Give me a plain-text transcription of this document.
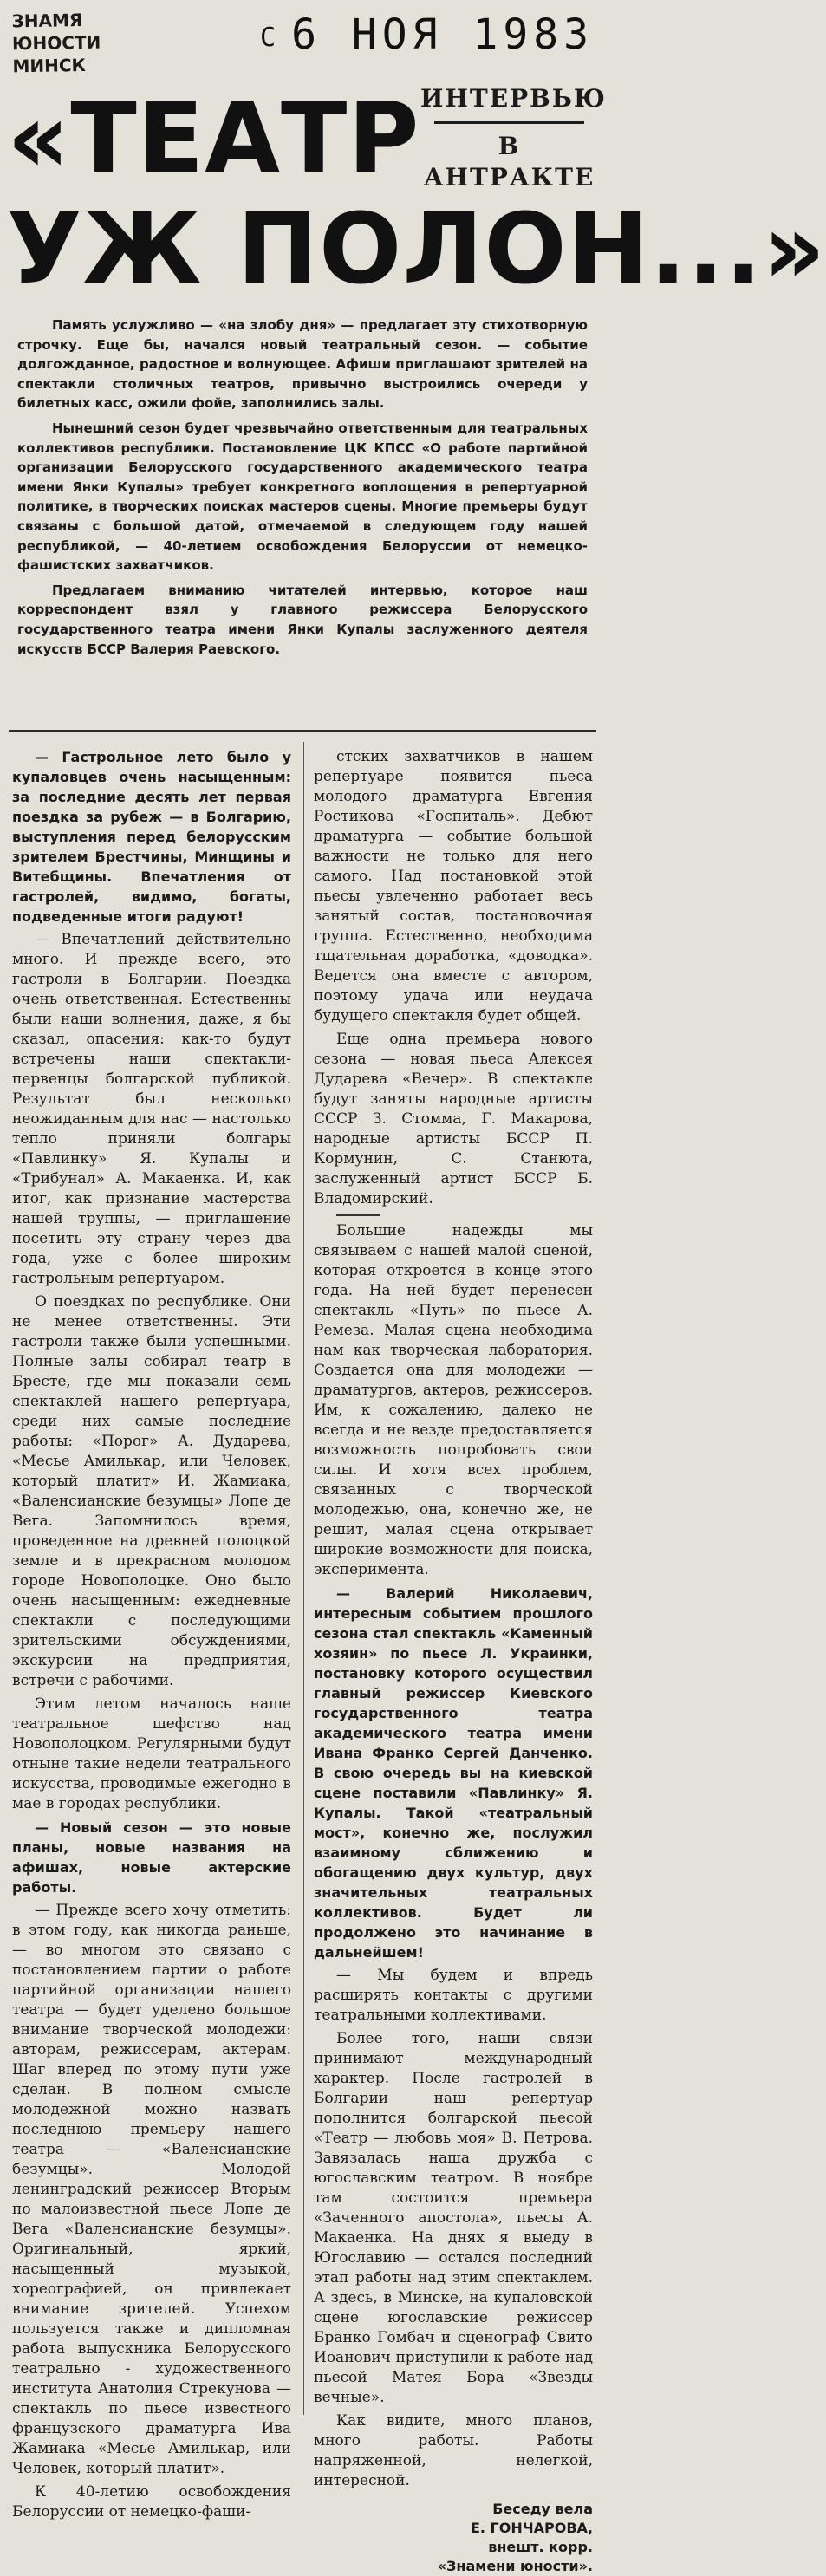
ЗНАМЯ ЮНОСТИ МИНСК
С 6 НОЯ 1983
«ТЕАТР
УЖ ПОЛОН...»
ИНТЕРВЬЮ
В АНТРАКТЕ

Память услужливо — «на злобу дня» — предлагает эту стихотворную строчку. Еще бы, начался новый театральный сезон. — событие долгожданное, радостное и волнующее. Афиши приглашают зрителей на спектакли столичных театров, привычно выстроились очереди у билетных касс, ожили фойе, заполнились залы.

Нынешний сезон будет чрезвычайно ответственным для театральных коллективов республики. Постановление ЦК КПСС «О работе партийной организации Белорусского государственного академического театра имени Янки Купалы» требует конкретного воплощения в репертуарной политике, в творческих поисках мастеров сцены. Многие премьеры будут связаны с большой датой, отмечаемой в следующем году нашей республикой, — 40-летием освобождения Белоруссии от немецко-фашистских захватчиков.

Предлагаем вниманию читателей интервью, которое наш корреспондент взял у главного режиссера Белорусского государственного театра имени Янки Купалы заслуженного деятеля искусств БССР Валерия Раевского.

— Гастрольное лето было у купаловцев очень насыщенным: за последние десять лет первая поездка за рубеж — в Болгарию, выступления перед белорусским зрителем Брестчины, Минщины и Витебщины. Впечатления от гастролей, видимо, богаты, подведенные итоги радуют!

— Впечатлений действительно много. И прежде всего, это гастроли в Болгарии. Поездка очень ответственная. Естественны были наши волнения, даже, я бы сказал, опасения: как-то будут встречены наши спектакли-первенцы болгарской публикой. Результат был несколько неожиданным для нас — настолько тепло приняли болгары «Павлинку» Я. Купалы и «Трибунал» А. Макаенка. И, как итог, как признание мастерства нашей труппы, — приглашение посетить эту страну через два года, уже с более широким гастрольным репертуаром.

О поездках по республике. Они не менее ответственны. Эти гастроли также были успешными. Полные залы собирал театр в Бресте, где мы показали семь спектаклей нашего репертуара, среди них самые последние работы: «Порог» А. Дударева, «Месье Амилькар, или Человек, который платит» И. Жамиака, «Валенсианские безумцы» Лопе де Вега. Запомнилось время, проведенное на древней полоцкой земле и в прекрасном молодом городе Новополоцке. Оно было очень насыщенным: ежедневные спектакли с последующими зрительскими обсуждениями, экскурсии на предприятия, встречи с рабочими.

Этим летом началось наше театральное шефство над Новополоцком. Регулярными будут отныне такие недели театрального искусства, проводимые ежегодно в мае в городах республики.

— Новый сезон — это новые планы, новые названия на афишах, новые актерские работы.

— Прежде всего хочу отметить: в этом году, как никогда раньше, — во многом это связано с постановлением партии о работе партийной организации нашего театра — будет уделено большое внимание творческой молодежи: авторам, режиссерам, актерам. Шаг вперед по этому пути уже сделан. В полном смысле молодежной можно назвать последнюю премьеру нашего театра — «Валенсианские безумцы». Молодой ленинградский режиссер Вторым по малоизвестной пьесе Лопе де Вега «Валенсианские безумцы». Оригинальный, яркий, насыщенный музыкой, хореографией, он привлекает внимание зрителей. Успехом пользуется также и дипломная работа выпускника Белорусского театрально - художественного института Анатолия Стрекунова — спектакль по пьесе известного французского драматурга Ива Жамиака «Месье Амилькар, или Человек, который платит».

К 40-летию освобождения Белоруссии от немецко-фаши-

стских захватчиков в нашем репертуаре появится пьеса молодого драматурга Евгения Ростикова «Госпиталь». Дебют драматурга — событие большой важности не только для него самого. Над постановкой этой пьесы увлеченно работает весь занятый состав, постановочная группа. Естественно, необходима тщательная доработка, «доводка». Ведется она вместе с автором, поэтому удача или неудача будущего спектакля будет общей.

Еще одна премьера нового сезона — новая пьеса Алексея Дударева «Вечер». В спектакле будут заняты народные артисты СССР З. Стомма, Г. Макарова, народные артисты БССР П. Кормунин, С. Станюта, заслуженный артист БССР Б. Владомирский.

Большие надежды мы связываем с нашей малой сценой, которая откроется в конце этого года. На ней будет перенесен спектакль «Путь» по пьесе А. Ремеза. Малая сцена необходима нам как творческая лаборатория. Создается она для молодежи — драматургов, актеров, режиссеров. Им, к сожалению, далеко не всегда и не везде предоставляется возможность попробовать свои силы. И хотя всех проблем, связанных с творческой молодежью, она, конечно же, не решит, малая сцена открывает широкие возможности для поиска, эксперимента.

— Валерий Николаевич, интересным событием прошлого сезона стал спектакль «Каменный хозяин» по пьесе Л. Украинки, постановку которого осуществил главный режиссер Киевского государственного театра академического театра имени Ивана Франко Сергей Данченко. В свою очередь вы на киевской сцене поставили «Павлинку» Я. Купалы. Такой «театральный мост», конечно же, послужил взаимному сближению и обогащению двух культур, двух значительных театральных коллективов. Будет ли продолжено это начинание в дальнейшем!

— Мы будем и впредь расширять контакты с другими театральными коллективами.

Более того, наши связи принимают международный характер. После гастролей в Болгарии наш репертуар пополнится болгарской пьесой «Театр — любовь моя» В. Петрова. Завязалась наша дружба с югославским театром. В ноябре там состоится премьера «Заченного апостола», пьесы А. Макаенка. На днях я выеду в Югославию — остался последний этап работы над этим спектаклем. А здесь, в Минске, на купаловской сцене югославские режиссер Бранко Гомбач и сценограф Свито Иоанович приступили к работе над пьесой Матея Бора «Звезды вечные».

Как видите, много планов, много работы. Работы напряженной, нелегкой, интересной.

Беседу вела
Е. ГОНЧАРОВА,
внешт. корр.
«Знамени юности».
